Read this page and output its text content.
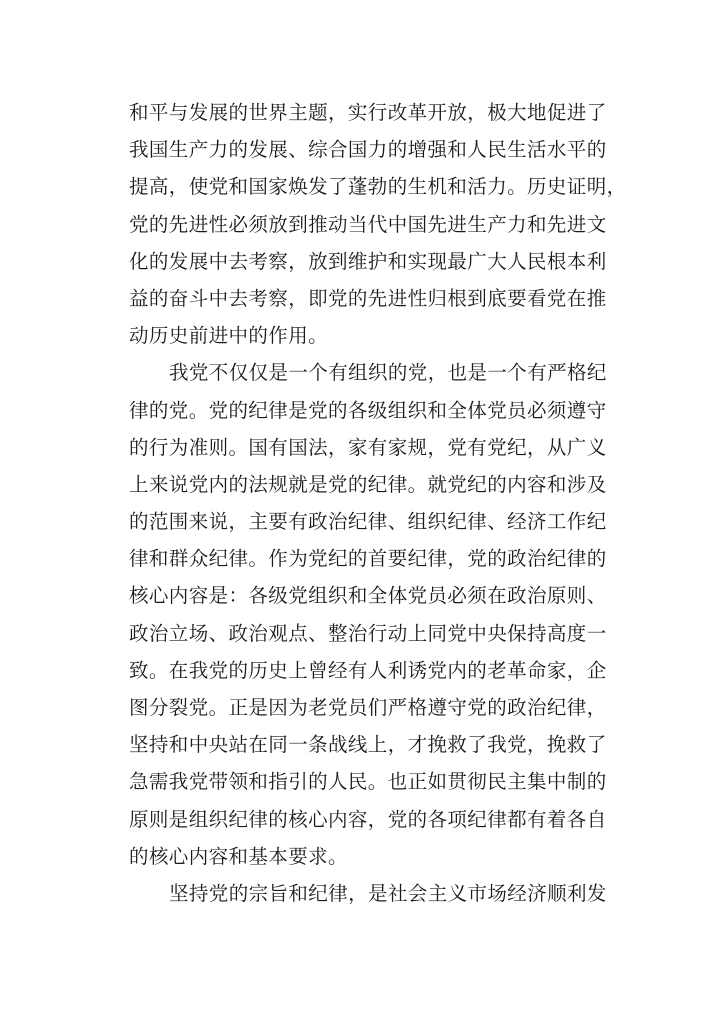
和平与发展的世界主题，实行改革开放，极大地促进了
我国生产力的发展、综合国力的增强和人民生活水平的
提高，使党和国家焕发了蓬勃的生机和活力。历史证明，
党的先进性必须放到推动当代中国先进生产力和先进文
化的发展中去考察，放到维护和实现最广大人民根本利
益的奋斗中去考察，即党的先进性归根到底要看党在推
动历史前进中的作用。
我党不仅仅是一个有组织的党，也是一个有严格纪
律的党。党的纪律是党的各级组织和全体党员必须遵守
的行为准则。国有国法，家有家规，党有党纪，从广义
上来说党内的法规就是党的纪律。就党纪的内容和涉及
的范围来说，主要有政治纪律、组织纪律、经济工作纪
律和群众纪律。作为党纪的首要纪律，党的政治纪律的
核心内容是：各级党组织和全体党员必须在政治原则、
政治立场、政治观点、整治行动上同党中央保持高度一
致。在我党的历史上曾经有人利诱党内的老革命家，企
图分裂党。正是因为老党员们严格遵守党的政治纪律，
坚持和中央站在同一条战线上，才挽救了我党，挽救了
急需我党带领和指引的人民。也正如贯彻民主集中制的
原则是组织纪律的核心内容，党的各项纪律都有着各自
的核心内容和基本要求。
坚持党的宗旨和纪律，是社会主义市场经济顺利发
